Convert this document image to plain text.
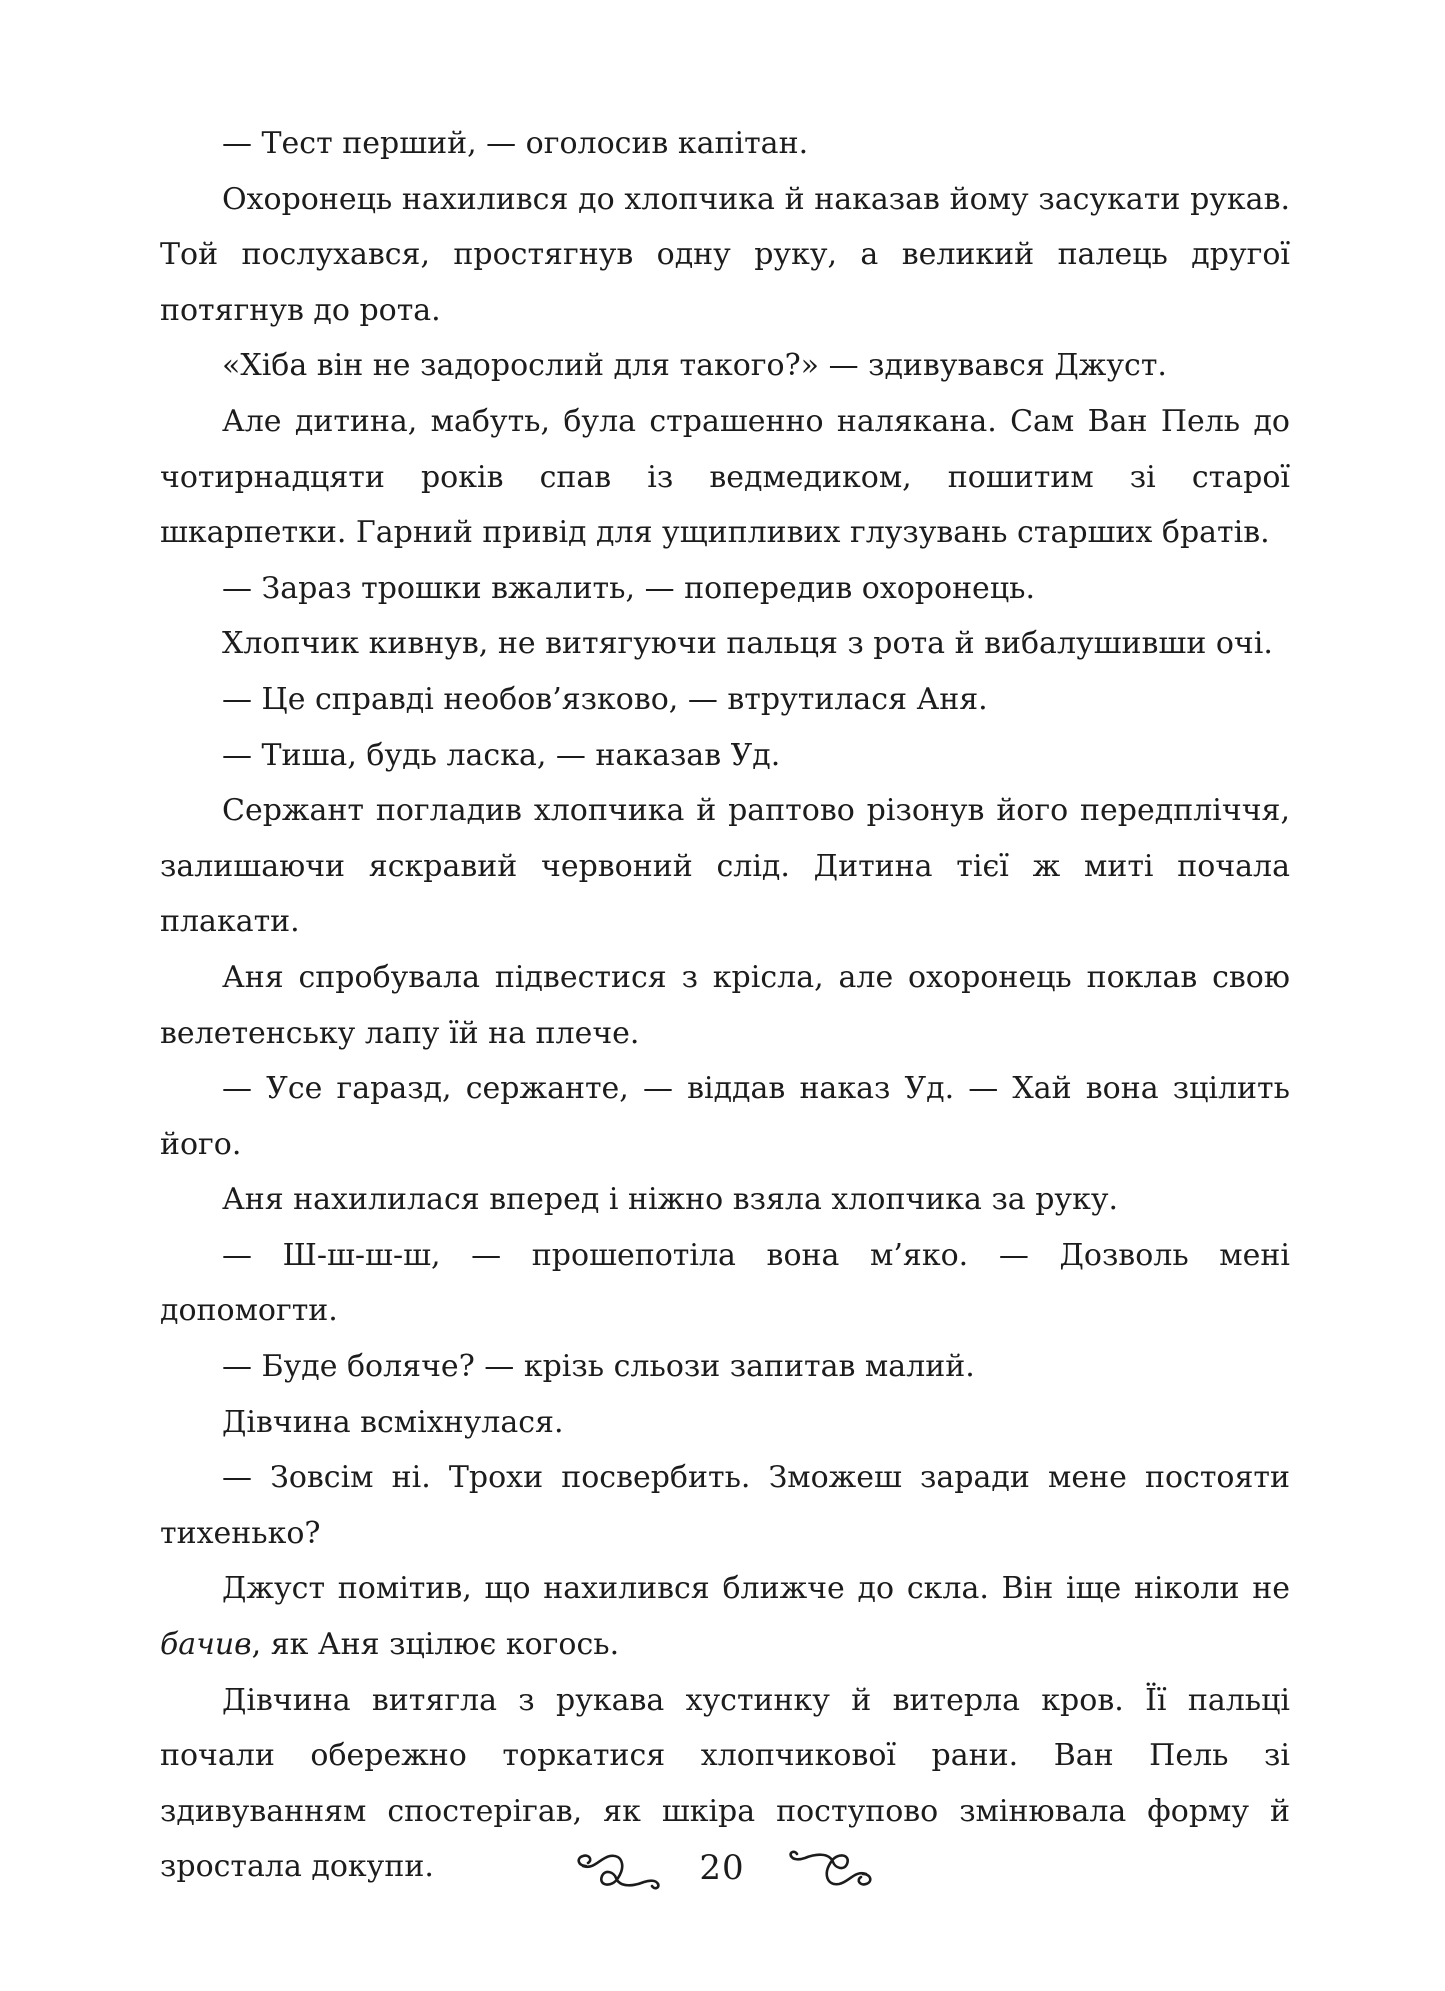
— Тест перший, — оголосив капітан.

Охоронець нахилився до хлопчика й наказав йому засукати рукав. Той послухався, простягнув одну руку, а великий палець другої потягнув до рота.

«Хіба він не задорослий для такого?» — здивувався Джуст.

Але дитина, мабуть, була страшенно налякана. Сам Ван Пель до чотирнадцяти років спав із ведмедиком, пошитим зі старої шкарпетки. Гарний привід для ущипливих глузувань старших братів.

— Зараз трошки вжалить, — попередив охоронець.

Хлопчик кивнув, не витягуючи пальця з рота й вибалушивши очі.

— Це справді необов’язково, — втрутилася Аня.

— Тиша, будь ласка, — наказав Уд.

Сержант погладив хлопчика й раптово різонув його передпліччя, залишаючи яскравий червоний слід. Дитина тієї ж миті почала плакати.

Аня спробувала підвестися з крісла, але охоронець поклав свою велетенську лапу їй на плече.

— Усе гаразд, сержанте, — віддав наказ Уд. — Хай вона зцілить його.

Аня нахилилася вперед і ніжно взяла хлопчика за руку.

— Ш-ш-ш-ш, — прошепотіла вона м’яко. — Дозволь мені допомогти.

— Буде боляче? — крізь сльози запитав малий.

Дівчина всміхнулася.

— Зовсім ні. Трохи посвербить. Зможеш заради мене постояти тихенько?

Джуст помітив, що нахилився ближче до скла. Він іще ніколи не бачив, як Аня зцілює когось.

Дівчина витягла з рукава хустинку й витерла кров. Її пальці почали обережно торкатися хлопчикової рани. Ван Пель зі здивуванням спостерігав, як шкіра поступово змінювала форму й зростала докупи.	20
